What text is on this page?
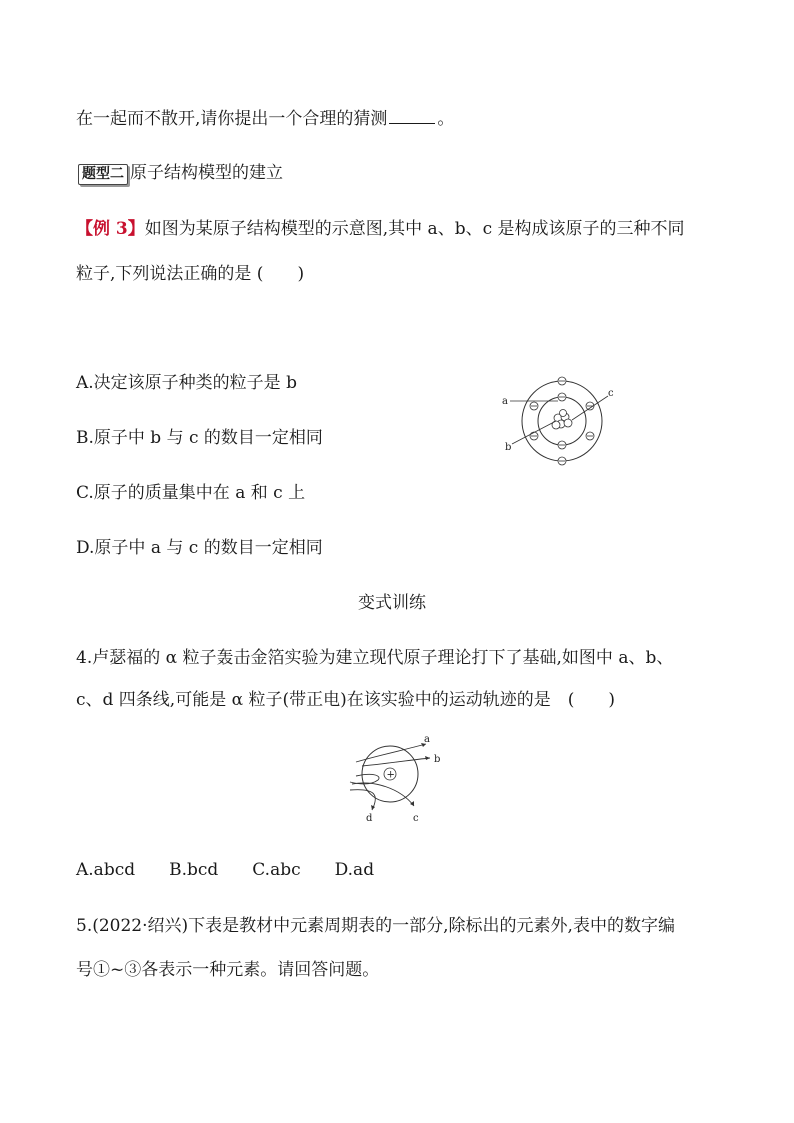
在一起而不散开,请你提出一个合理的猜测	。
题型二 原子结构模型的建立
【例 3】如图为某原子结构模型的示意图,其中 a、b、c 是构成该原子的三种不同
粒子,下列说法正确的是 (　　)
A.决定该原子种类的粒子是 b
B.原子中 b 与 c 的数目一定相同
C.原子的质量集中在 a 和 c 上
D.原子中 a 与 c 的数目一定相同
a
c
b
变式训练
4.卢瑟福的 α 粒子轰击金箔实验为建立现代原子理论打下了基础,如图中 a、b、
c、d 四条线,可能是 α 粒子(带正电)在该实验中的运动轨迹的是　(　　)
+
a
b
c
d
A.abcd　　B.bcd　　C.abc　　D.ad
5.(2022·绍兴)下表是教材中元素周期表的一部分,除标出的元素外,表中的数字编
号①~③各表示一种元素。请回答问题。
